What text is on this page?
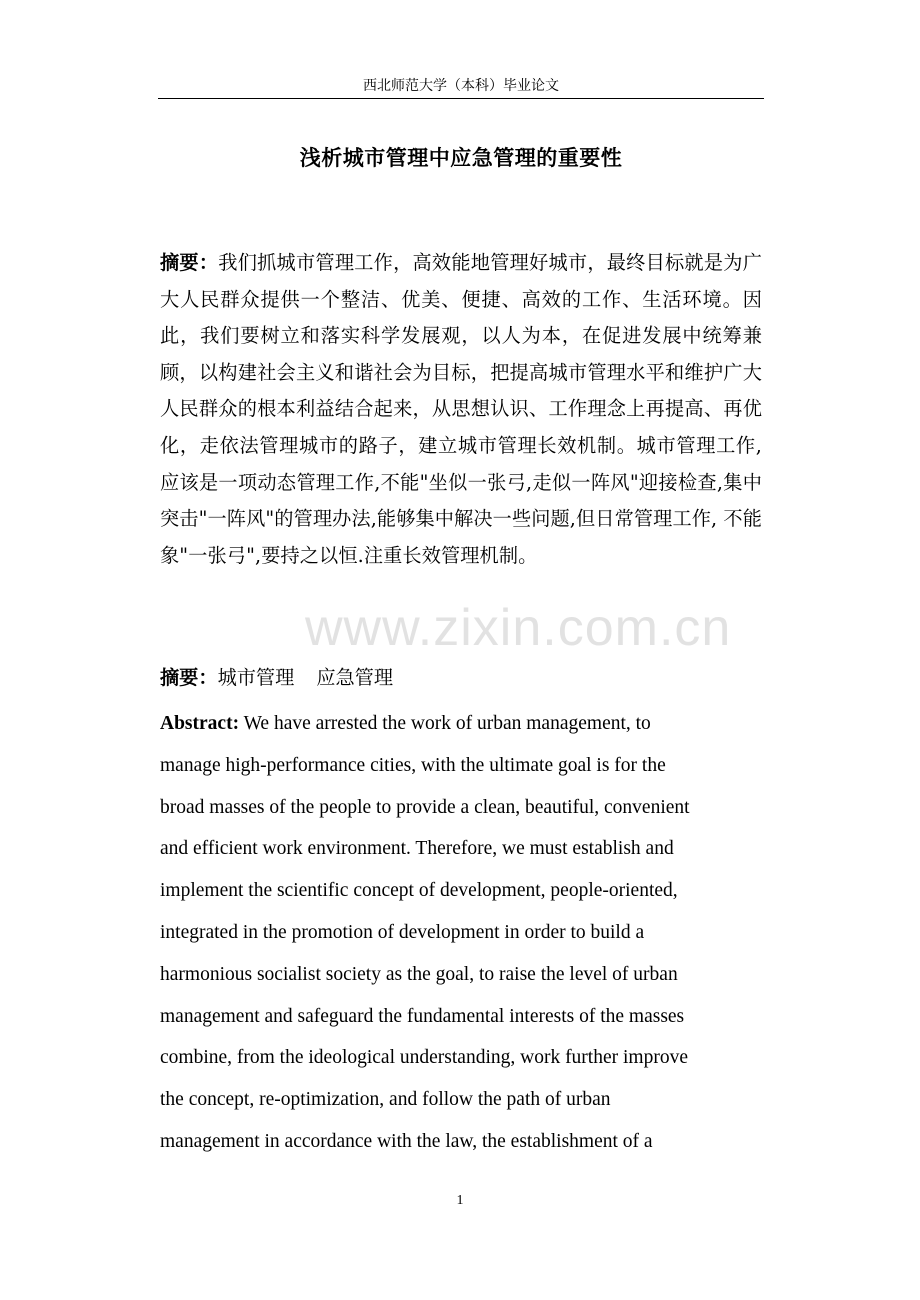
西北师范大学（本科）毕业论文
浅析城市管理中应急管理的重要性

摘要：我们抓城市管理工作，高效能地管理好城市，最终目标就是为广大人民群众提供一个整洁、优美、便捷、高效的工作、生活环境。因此，我们要树立和落实科学发展观，以人为本，在促进发展中统筹兼顾，以构建社会主义和谐社会为目标，把提高城市管理水平和维护广大人民群众的根本利益结合起来，从思想认识、工作理念上再提高、再优化，走依法管理城市的路子，建立城市管理长效机制。城市管理工作,应该是一项动态管理工作,不能"坐似一张弓,走似一阵风"迎接检查,集中突击"一阵风"的管理办法,能够集中解决一些问题,但日常管理工作, 不能象"一张弓",要持之以恒.注重长效管理机制。

摘要：城市管理 应急管理

Abstract: We have arrested the work of urban management, to
manage high-performance cities, with the ultimate goal is for the
broad masses of the people to provide a clean, beautiful, convenient
and efficient work environment. Therefore, we must establish and
implement the scientific concept of development, people-oriented,
integrated in the promotion of development in order to build a
harmonious socialist society as the goal, to raise the level of urban
management and safeguard the fundamental interests of the masses
combine, from the ideological understanding, work further improve
the concept, re-optimization, and follow the path of urban
management in accordance with the law, the establishment of a
www.zixin.com.cn
1
